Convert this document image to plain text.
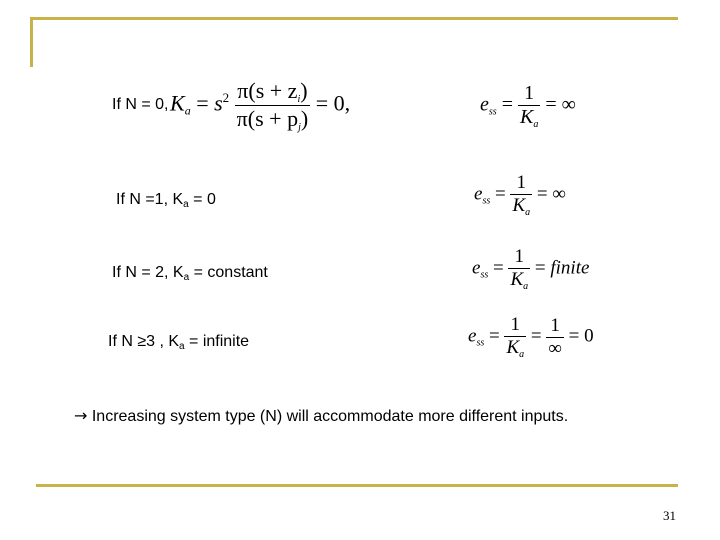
If N = 0, $Ka = s^2 \frac{\pi(s + zi)}{\pi(s + pj)} = 0$,	$e_{ss} = \frac{1}{K_a}$ = ∞
If N =1, $K_a = 0$	$e_{ss} = \frac{1}{K_a}$ = ∞
If N = 2, $K_a$ = constant	$e_{ss} = \frac{1}{K_a}$ = finite
If N ≥3 , $K_a$ = infinite	$e_{ss} = \frac{1}{K_a} = \frac{1}{\infty} = 0$
→ Increasing system type (N) will accommodate more different inputs.
31
